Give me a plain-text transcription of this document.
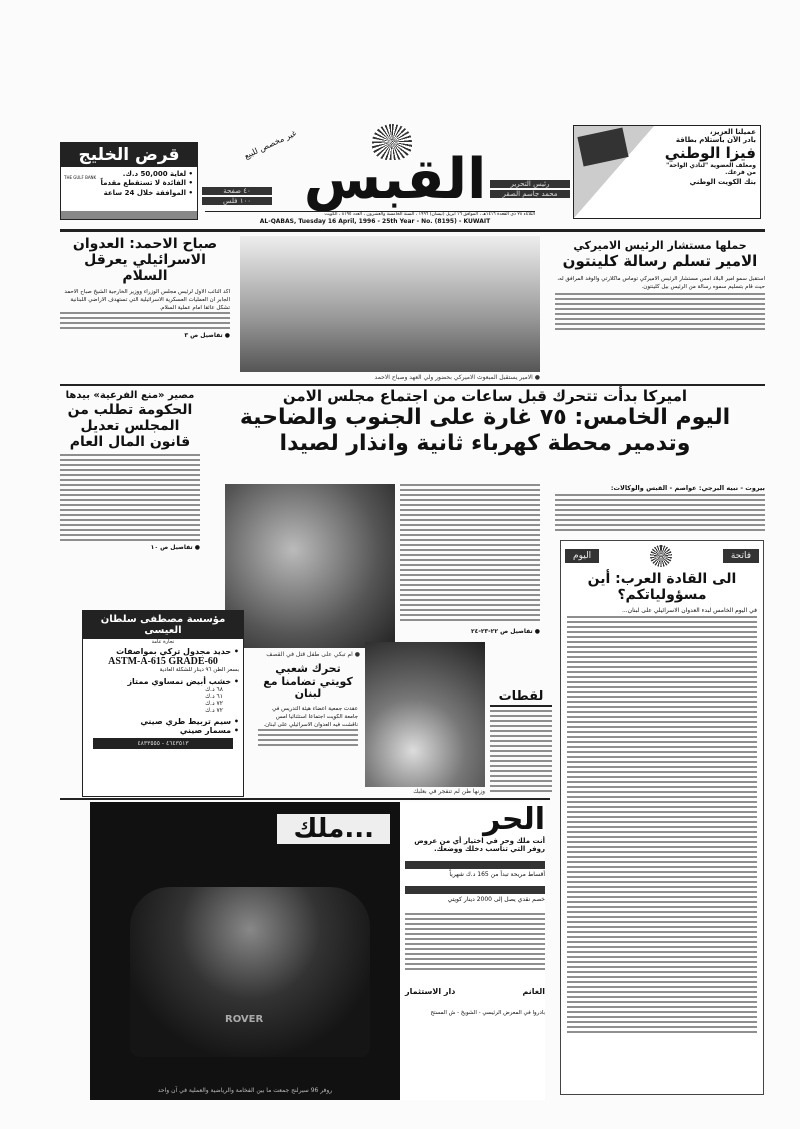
قرض الخليج
• لغاية 50,000 د.ك.
• الفائدة لا تستقطع مقدماً
• الموافقة خلال 24 ساعة
THE GULF BANK
غير مخصص للبيع
القبس
٤٠ صفحة
١٠٠ فلس
رئيس التحرير
محمد جاسم الصقر
الثلاثاء ٢٨ ذي القعدة ١٤١٦هـ ، الموافق ١٦ ابريل (نيسان) ١٩٩٦ ، السنة الخامسة والعشرون ، العدد ٨١٩٥ ، الكويت
AL-QABAS, Tuesday 16 April, 1996 - 25th Year - No. (8195) - KUWAIT
عميلنا العزيز،
بادر الآن باستلام بطاقة
فيزا الوطني
ومغلف العضوية "لنادي الواحة"
من فرعك.
بنك الكويت الوطني
حملها مستشار الرئيس الاميركي
الامير تسلم رسالة كلينتون
استقبل سمو امير البلاد امس مستشار الرئيس الاميركي توماس ماكلارتي والوفد المرافق له، حيث قام بتسليم سموه رسالة من الرئيس بيل كلينتون.
● الامير يستقبل المبعوث الاميركي بحضور ولي العهد وصباح الاحمد
صباح الاحمد: العدوان الاسرائيلي يعرقل السلام
اكد النائب الاول لرئيس مجلس الوزراء ووزير الخارجية الشيخ صباح الاحمد الجابر ان العمليات العسكرية الاسرائيلية التي تستهدف الاراضي اللبنانية تشكل عائقا امام عملية السلام.
● تفاصيل ص ٣
اميركا بدأت تتحرك قبل ساعات من اجتماع مجلس الامن
اليوم الخامس: ٧٥ غارة على الجنوب والضاحية
وتدمير محطة كهرباء ثانية وانذار لصيدا
بيروت - نبيه البرجي: عواصم - القبس والوكالات:
● تفاصيل ص ٢٢-٢٣-٢٤
مصير «منع الفرعية» بيدها
الحكومة تطلب من المجلس تعديل قانون المال العام
● تفاصيل ص ١٠
فاتحة
اليوم
الى القادة العرب: أين مسؤولياتكم؟
في اليوم الخامس لبدء العدوان الاسرائيلي على لبنان...
● ام تبكي على طفل قتل في القصف
تحرك شعبي كويتي تضامنا مع لبنان
عقدت جمعية اعضاء هيئة التدريس في جامعة الكويت اجتماعا استثنائيا امس ناقشت فيه العدوان الاسرائيلي على لبنان.
وزنها طن لم تنفجر في بعلبك
لقطات
مؤسسة مصطفى سلطان العيسى
تجارة عامة
• حديد مجدول تركي بمواصفات
ASTM-A-615 GRADE-60
بسعر الطن ٩٦ دينار للشكلة العادية
• خشب أبيض نمساوي ممتاز
٦٨ د.ك
٦١ د.ك
٧٢ د.ك
٧٢ د.ك
• سيم تربيط طري صيني
• مسمار صيني
٤٦٤٣٥١٣ - ٤٨٣٣٥٥٥
...ملك
ROVER
روفر 96 سيرلنج جمعت ما بين الفخامة والرياضية والعملية في آن واحد
الحر
أنت ملك وحر في اختيار أي من عروض روفر التي تناسب دخلك ووضعك.
أقساط مريحة تبدأ من 165 د.ك شهرياً
خصم نقدي يصل إلى 2000 دينار كويتي
الغانم
دار الاستثمار
بادروا في المعرض الرئيسي - الشويخ - ش المستح
